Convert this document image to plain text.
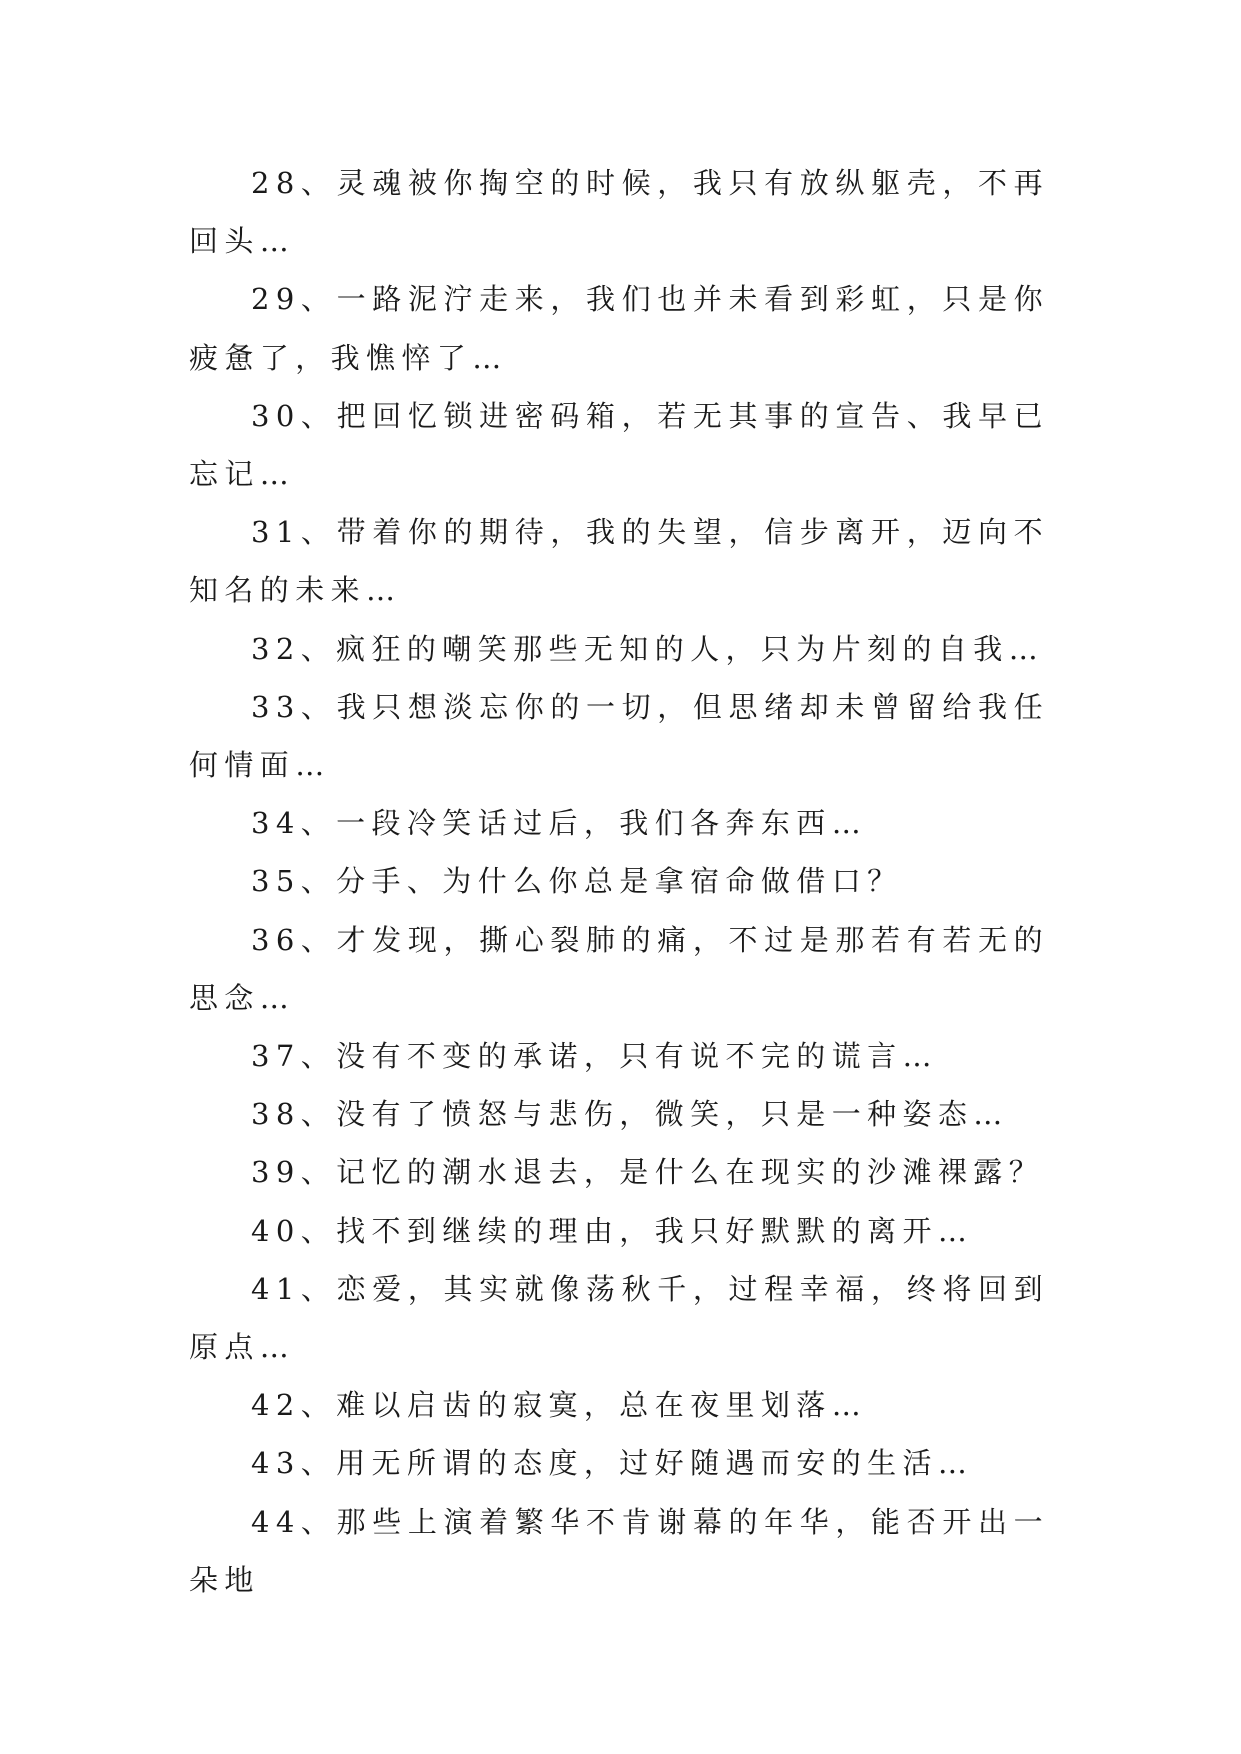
28、灵魂被你掏空的时候，我只有放纵躯壳，不再回头…

29、一路泥泞走来，我们也并未看到彩虹，只是你疲惫了，我憔悴了…

30、把回忆锁进密码箱，若无其事的宣告、我早已忘记…

31、带着你的期待，我的失望，信步离开，迈向不知名的未来…

32、疯狂的嘲笑那些无知的人，只为片刻的自我…

33、我只想淡忘你的一切，但思绪却未曾留给我任何情面…

34、一段冷笑话过后，我们各奔东西…

35、分手、为什么你总是拿宿命做借口？

36、才发现，撕心裂肺的痛，不过是那若有若无的思念…

37、没有不变的承诺，只有说不完的谎言…

38、没有了愤怒与悲伤，微笑，只是一种姿态…

39、记忆的潮水退去，是什么在现实的沙滩裸露？

40、找不到继续的理由，我只好默默的离开…

41、恋爱，其实就像荡秋千，过程幸福，终将回到原点…

42、难以启齿的寂寞，总在夜里划落…

43、用无所谓的态度，过好随遇而安的生活…

44、那些上演着繁华不肯谢幕的年华，能否开出一朵地
